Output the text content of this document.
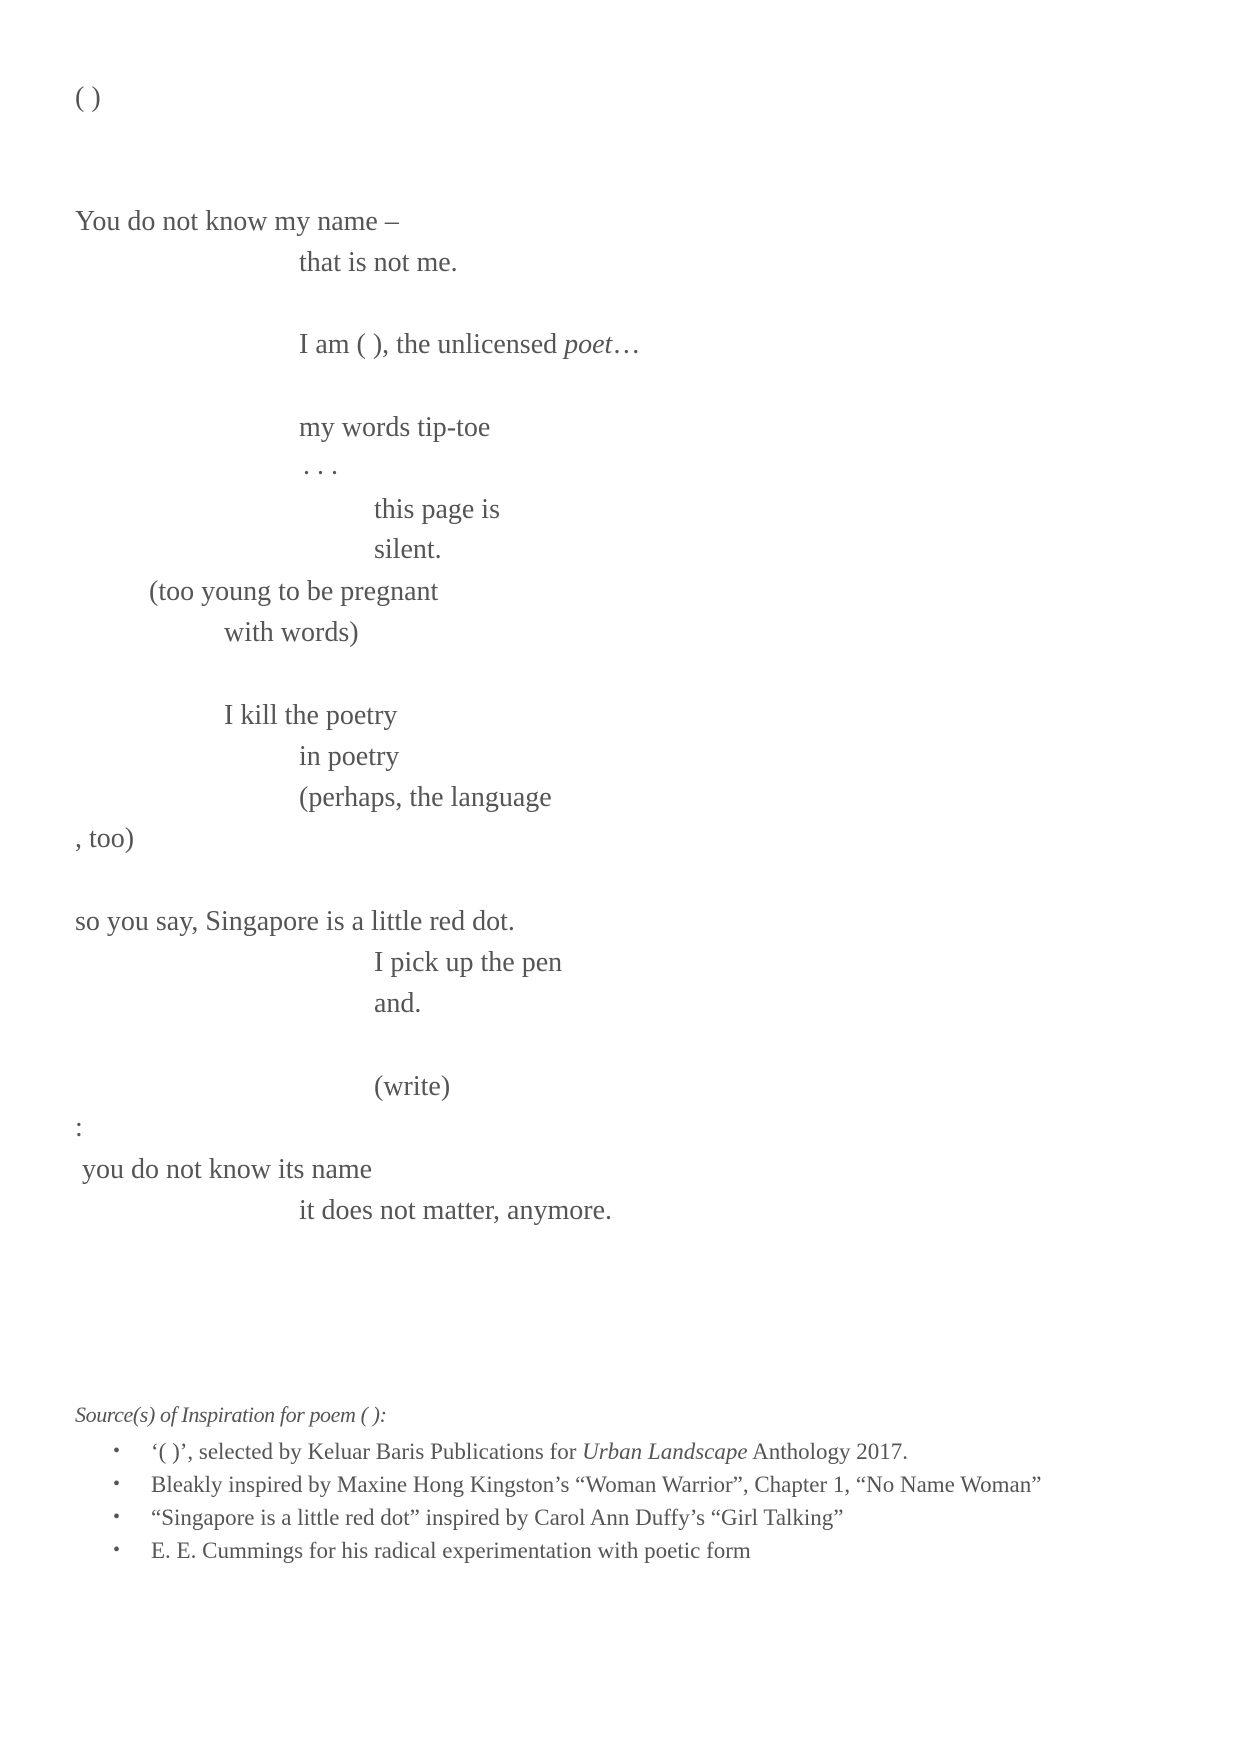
( )
You do not know my name –
that is not me.
I am ( ), the unlicensed poet…
my words tip-toe
. . .
this page is
silent.
(too young to be pregnant
with words)
I kill the poetry
in poetry
(perhaps, the language
, too)
so you say, Singapore is a little red dot.
I pick up the pen
and.
(write)
:
you do not know its name
it does not matter, anymore.
Source(s) of Inspiration for poem ( ):
• ‘( )’, selected by Keluar Baris Publications for Urban Landscape Anthology 2017.
• Bleakly inspired by Maxine Hong Kingston’s “Woman Warrior”, Chapter 1, “No Name Woman”
• “Singapore is a little red dot” inspired by Carol Ann Duffy’s “Girl Talking”
• E. E. Cummings for his radical experimentation with poetic form
